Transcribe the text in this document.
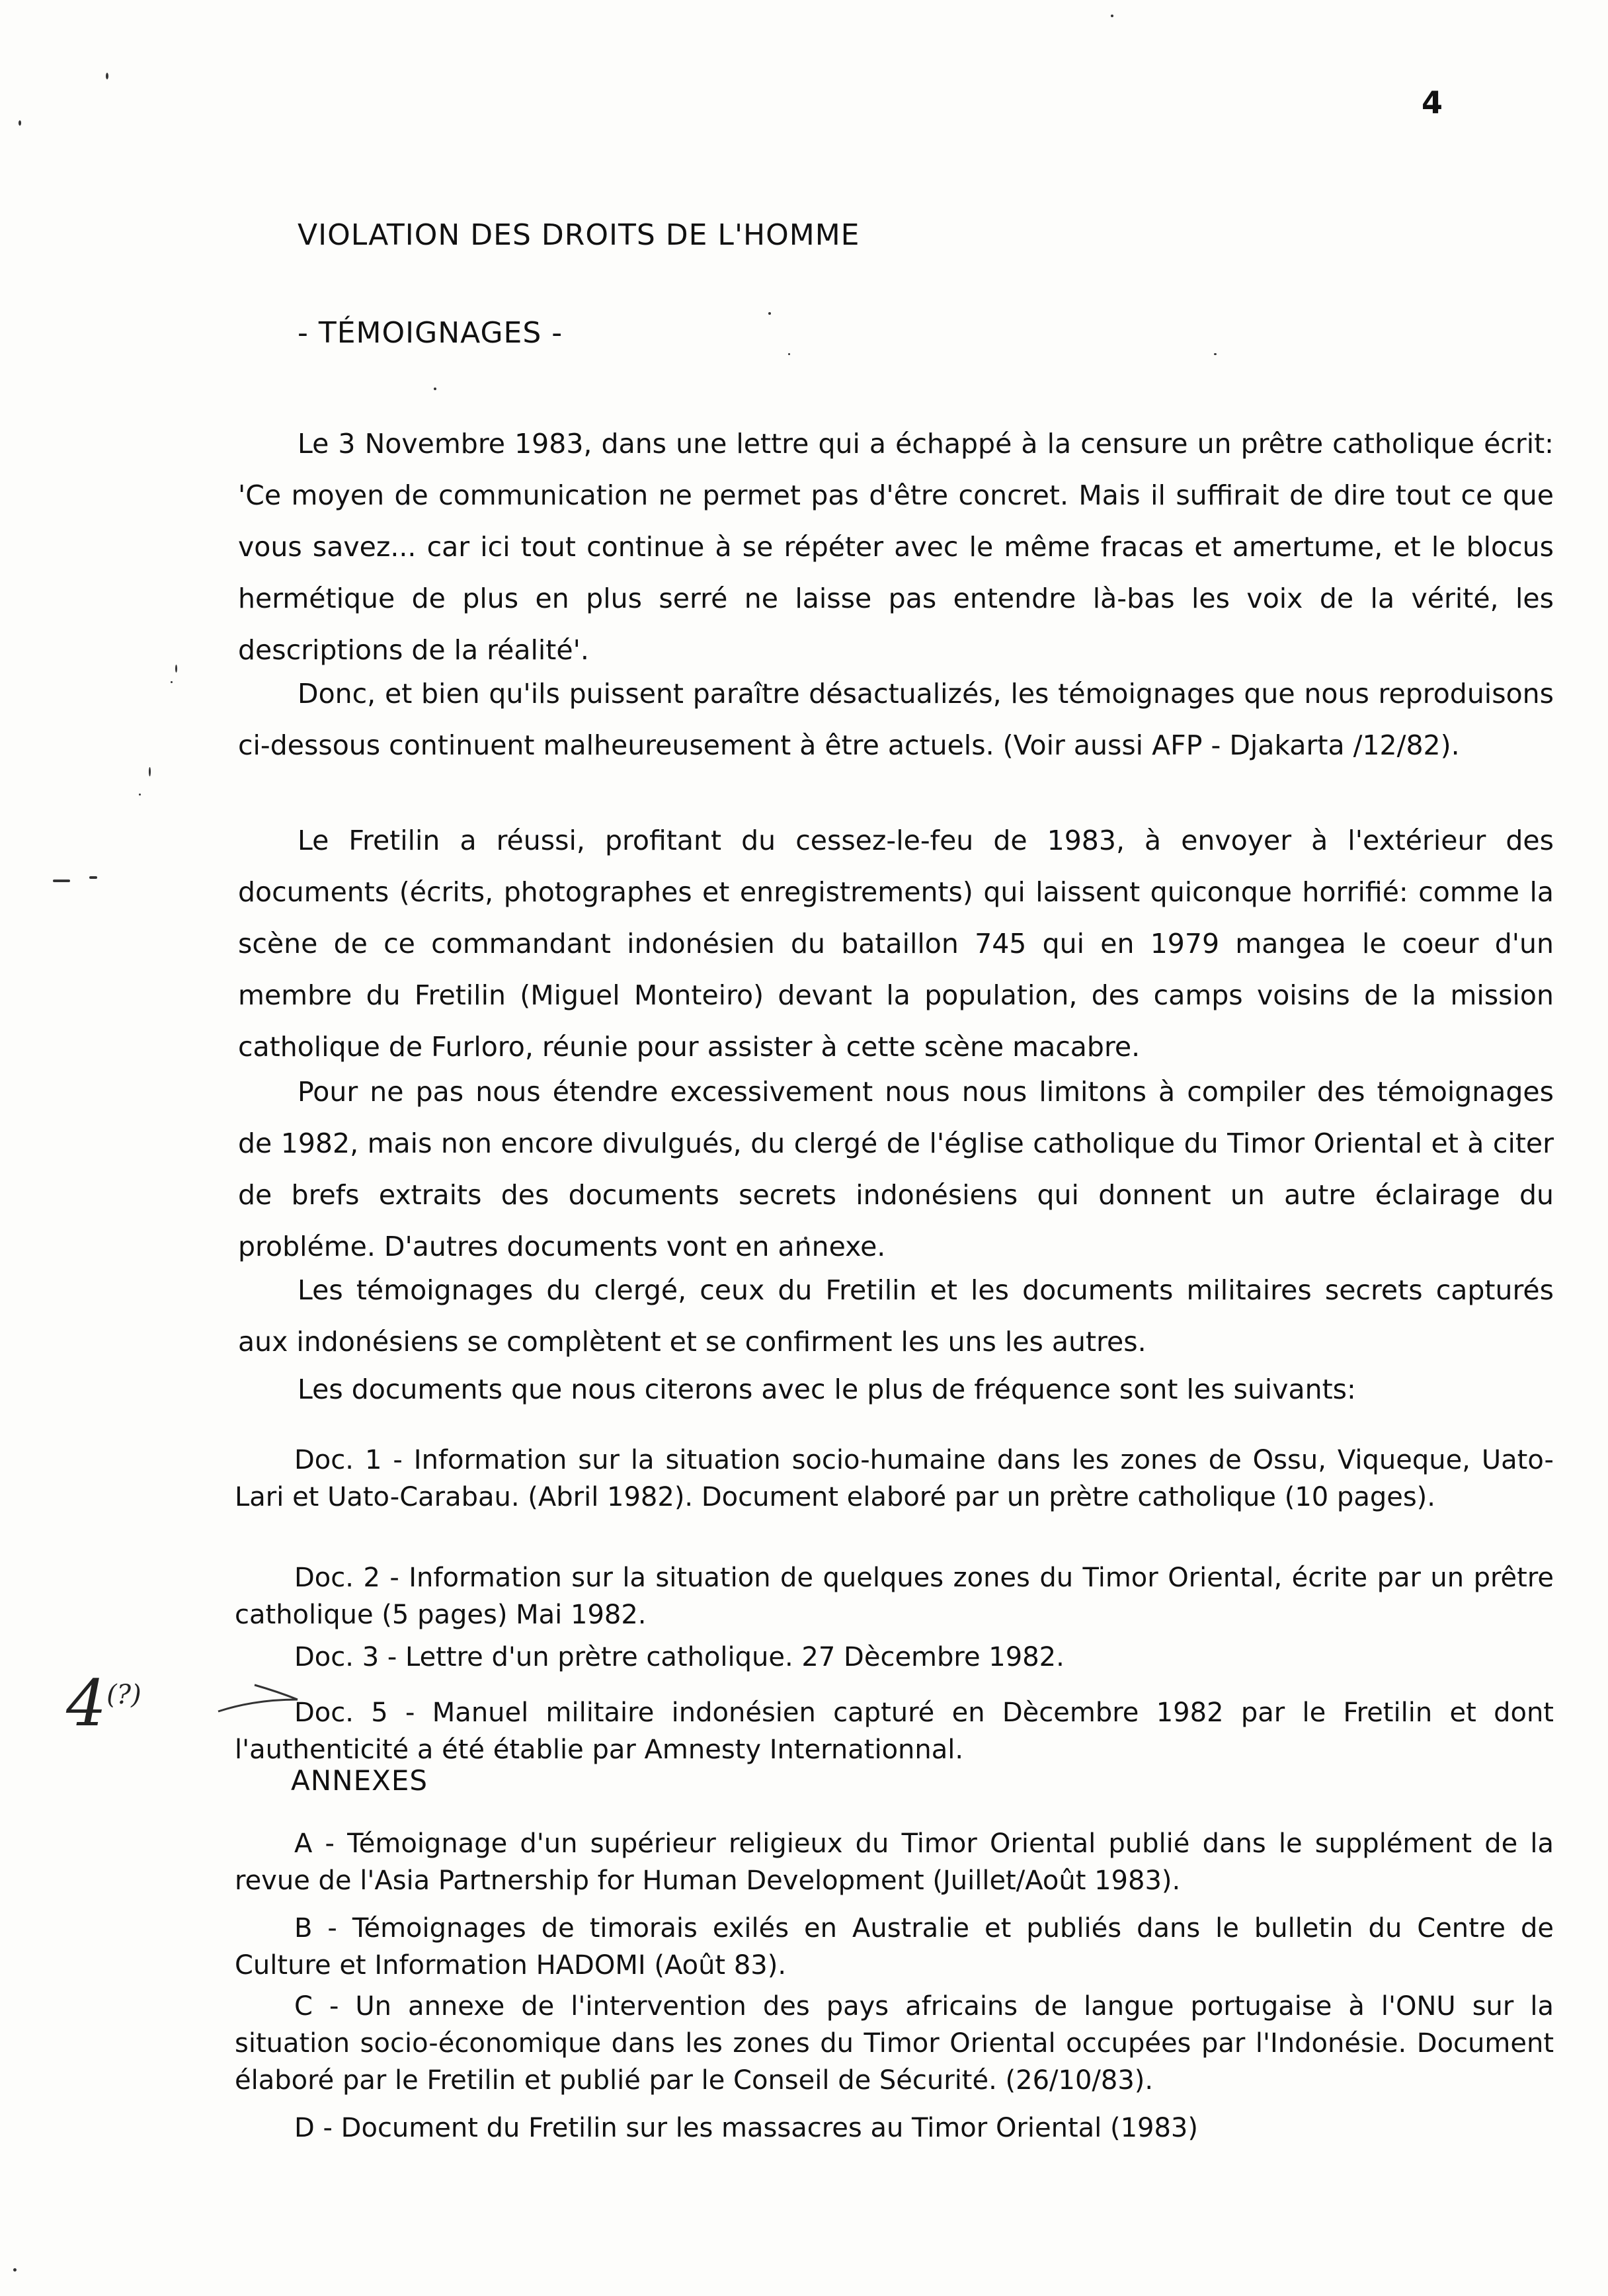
4
VIOLATION DES DROITS DE L'HOMME
- TÉMOIGNAGES -

Le 3 Novembre 1983, dans une lettre qui a échappé à la censure un prêtre catholique écrit: 'Ce moyen de communication ne permet pas d'être concret. Mais il suffirait de dire tout ce que vous savez... car ici tout continue à se répéter avec le même fracas et amertume, et le blocus hermétique de plus en plus serré ne laisse pas entendre là-bas les voix de la vérité, les descriptions de la réalité'.

Donc, et bien qu'ils puissent paraître désactualizés, les témoignages que nous reproduisons ci-dessous continuent malheureusement à être actuels. (Voir aussi AFP - Djakarta /12/82).

Le Fretilin a réussi, profitant du cessez-le-feu de 1983, à envoyer à l'extérieur des documents (écrits, photographes et enregistrements) qui laissent quiconque horrifié: comme la scène de ce commandant indonésien du bataillon 745 qui en 1979 mangea le coeur d'un membre du Fretilin (Miguel Monteiro) devant la population, des camps voisins de la mission catholique de Furloro, réunie pour assister à cette scène macabre.

Pour ne pas nous étendre excessivement nous nous limitons à compiler des témoignages de 1982, mais non encore divulgués, du clergé de l'église catholique du Timor Oriental et à citer de brefs extraits des documents secrets indonésiens qui donnent un autre éclairage du probléme. D'autres documents vont en annexe.

Les témoignages du clergé, ceux du Fretilin et les documents militaires secrets capturés aux indonésiens se complètent et se confirment les uns les autres.

Les documents que nous citerons avec le plus de fréquence sont les suivants:

Doc. 1 - Information sur la situation socio-humaine dans les zones de Ossu, Viqueque, Uato-Lari et Uato-Carabau. (Abril 1982). Document elaboré par un prètre catholique (10 pages).

Doc. 2 - Information sur la situation de quelques zones du Timor Oriental, écrite par un prêtre catholique (5 pages) Mai 1982.

Doc. 3 - Lettre d'un prètre catholique. 27 Dècembre 1982.

Doc. 5 - Manuel militaire indonésien capturé en Dècembre 1982 par le Fretilin et dont l'authenticité a été établie par Amnesty Internationnal.

ANNEXES

A - Témoignage d'un supérieur religieux du Timor Oriental publié dans le supplément de la revue de l'Asia Partnership for Human Development (Juillet/Août 1983).

B - Témoignages de timorais exilés en Australie et publiés dans le bulletin du Centre de Culture et Information HADOMI (Août 83).

C - Un annexe de l'intervention des pays africains de langue portugaise à l'ONU sur la situation socio-économique dans les zones du Timor Oriental occupées par l'Indonésie. Document élaboré par le Fretilin et publié par le Conseil de Sécurité. (26/10/83).

D - Document du Fretilin sur les massacres au Timor Oriental (1983)

4(?)
